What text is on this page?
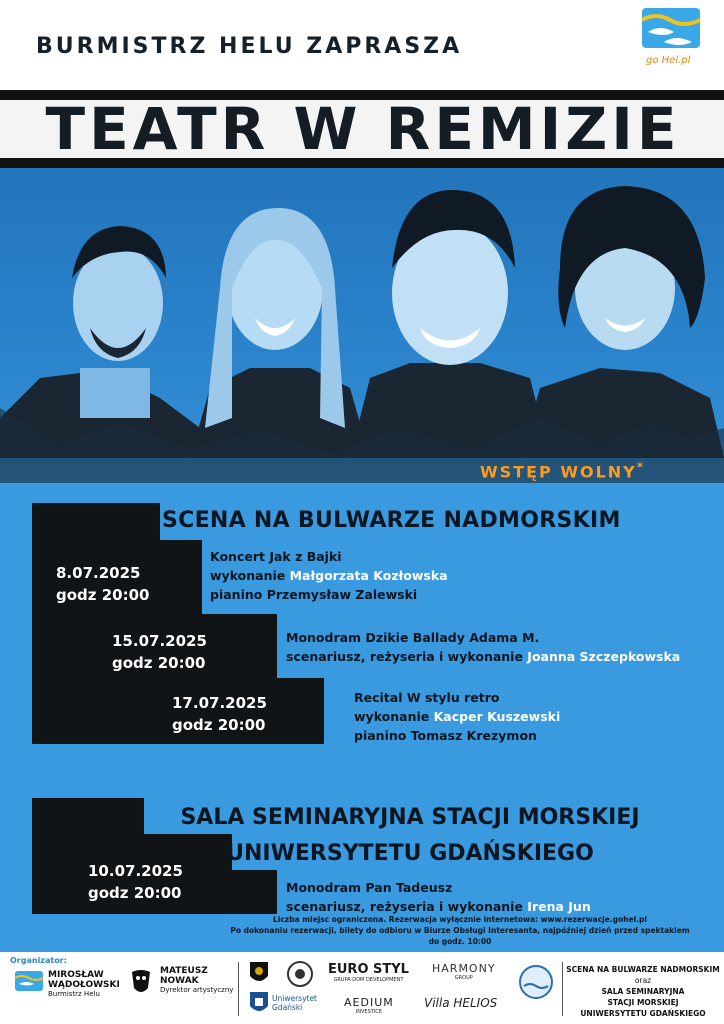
BURMISTRZ HELU ZAPRASZA
go Hel.pl
TEATR W REMIZIE
WSTĘP WOLNY*
SCENA NA BULWARZE NADMORSKIM
8.07.2025
godz 20:00
Koncert Jak z Bajki
wykonanie Małgorzata Kozłowska
pianino Przemysław Zalewski
15.07.2025
godz 20:00
Monodram Dzikie Ballady Adama M.
scenariusz, reżyseria i wykonanie Joanna Szczepkowska
17.07.2025
godz 20:00
Recital W stylu retro
wykonanie Kacper Kuszewski
pianino Tomasz Krezymon
SALA SEMINARYJNA STACJI MORSKIEJ
UNIWERSYTETU GDAŃSKIEGO
10.07.2025
godz 20:00	Monodram Pan Tadeusz
scenariusz, reżyseria i wykonanie Irena Jun
Liczba miejsc ograniczona. Rezerwacja wyłącznie internetowa: www.rezerwacje.gohel.pl
Po dokonaniu rezerwacji, bilety do odbioru w Biurze Obsługi Interesanta, najpóźniej dzień przed spektaklem do godz. 10:00
Organizator:
MIROSŁAW
WĄDOŁOWSKI
Burmistrz Helu
MATEUSZ
NOWAK
Dyrektor artystyczny
Uniwersytet
Gdański
EURO STYL
GRUPA DOM DEVELOPMENT
AEDIUM
INVESTICE
HARMONY
GROUP
Villa HELIOS
SCENA NA BULWARZE NADMORSKIM
oraz
SALA SEMINARYJNA
STACJI MORSKIEJ
UNIWERSYTETU GDAŃSKIEGO
